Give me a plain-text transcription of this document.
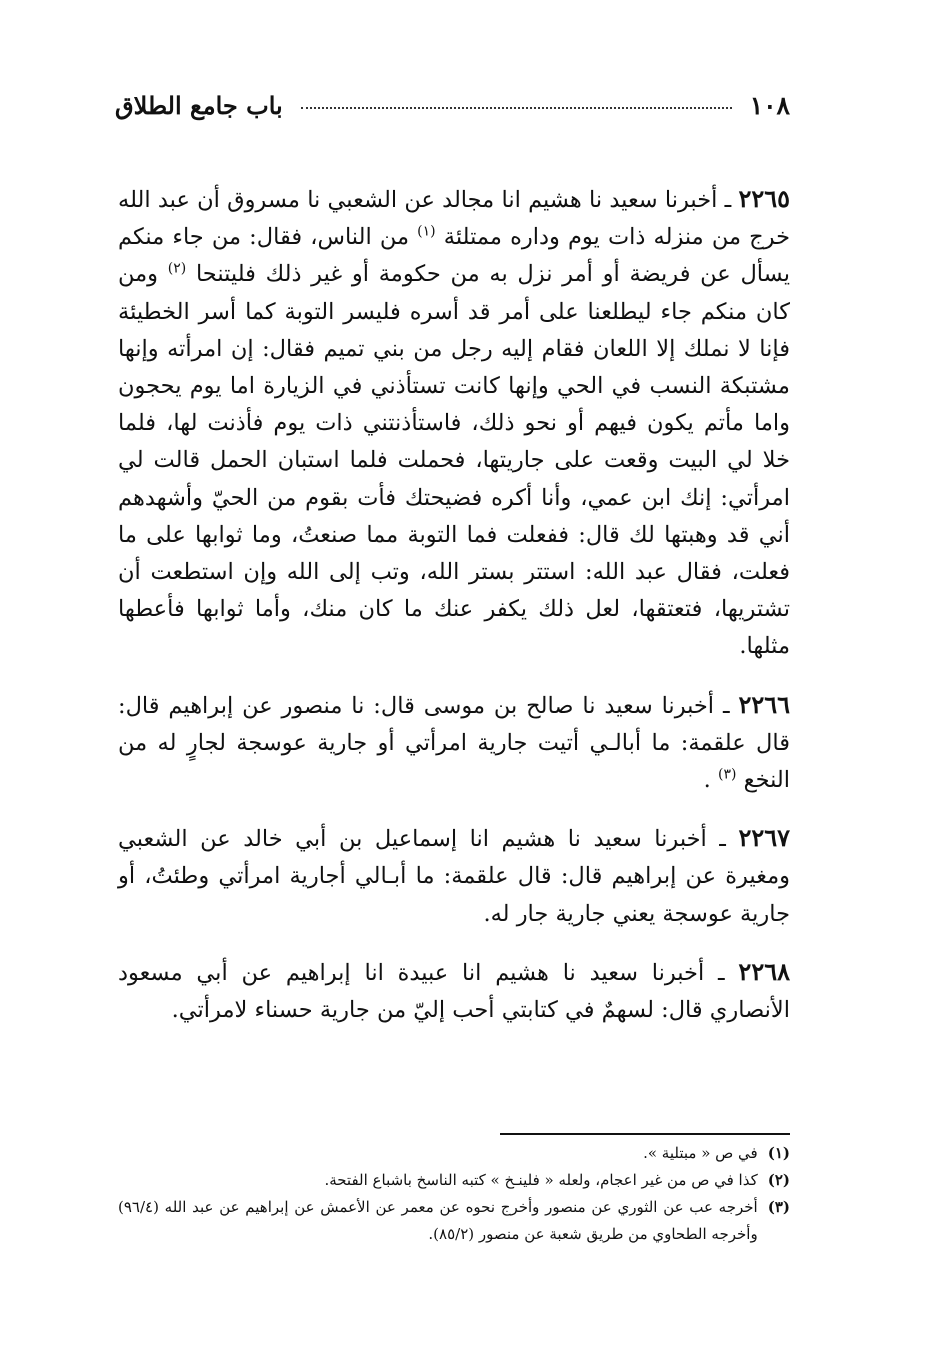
١٠٨
باب جامع الطلاق

٢٢٦٥ ـ أخبرنا سعيد نا هشيم انا مجالد عن الشعبي نا مسروق أن عبد الله خرج من منزله ذات يوم وداره ممتلئة $^{(١)}$ من الناس، فقال: من جاء منكم يسأل عن فريضة أو أمر نزل به من حكومة أو غير ذلك فليتنحا $^{(٢)}$ ومن كان منكم جاء ليطلعنا على أمر قد أسره فليسر التوبة كما أسر الخطيئة فإنا لا نملك إلا اللعان فقام إليه رجل من بني تميم فقال: إن امرأته وإنها مشتبكة النسب في الحي وإنها كانت تستأذني في الزيارة اما يوم يحجون واما مأتم يكون فيهم أو نحو ذلك، فاستأذنتني ذات يوم فأذنت لها، فلما خلا لي البيت وقعت على جاريتها، فحملت فلما استبان الحمل قالت لي امرأتي: إنك ابن عمي، وأنا أكره فضيحتك فأت بقوم من الحيّ وأشهدهم أني قد وهبتها لك قال: ففعلت فما التوبة مما صنعتُ، وما ثوابها على ما فعلت، فقال عبد الله: استتر بستر الله، وتب إلى الله وإن استطعت أن تشتريها، فتعتقها، لعل ذلك يكفر عنك ما كان منك، وأما ثوابها فأعطها مثلها.

٢٢٦٦ ـ أخبرنا سعيد نا صالح بن موسى قال: نا منصور عن إبراهيم قال: قال علقمة: ما أبالـي أتيت جارية امرأتي أو جارية عوسجة لجارٍ له من النخع $^{(٣)}$ .

٢٢٦٧ ـ أخبرنا سعيد نا هشيم انا إسماعيل بن أبي خالد عن الشعبي ومغيرة عن إبراهيم قال: قال علقمة: ما أبـالي أجارية امرأتي وطئتُ، أو جارية عوسجة يعني جارية جار له.

٢٢٦٨ ـ أخبرنا سعيد نا هشيم انا عبيدة انا إبراهيم عن أبي مسعود الأنصاري قال: لسهمٌ في كتابتي أحب إليّ من جارية حسناء لامرأتي.

(١)
في ص « مبتلية ».
(٢)
كذا في ص من غير اعجام، ولعله « فلينـخ » كتبه الناسخ باشباع الفتحة.
(٣)
أخرجه عب عن الثوري عن منصور وأخرج نحوه عن معمر عن الأعمش عن إبراهيم عن عبد الله (٩٦/٤) وأخرجه الطحاوي من طريق شعبة عن منصور (٨٥/٢).
